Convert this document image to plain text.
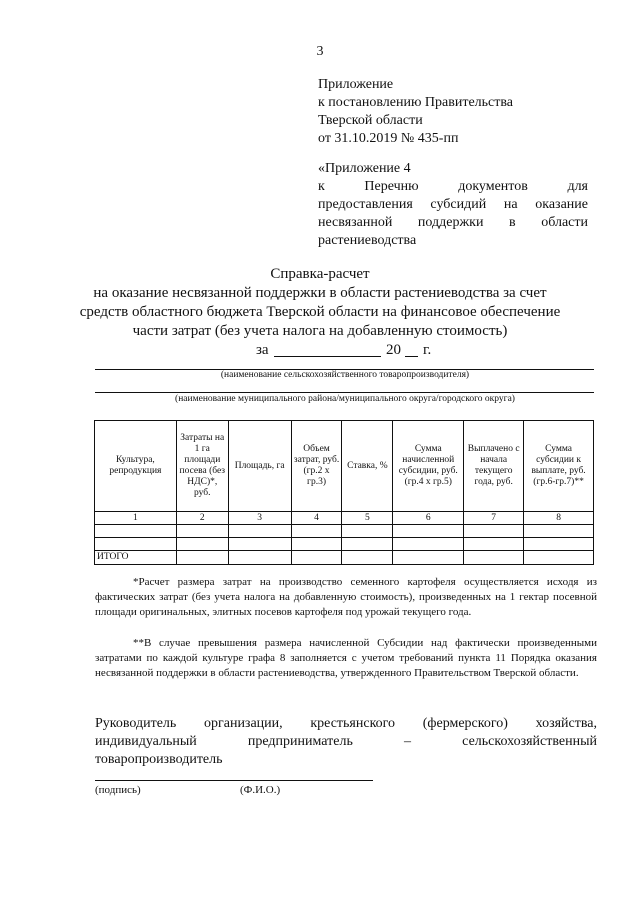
3
Приложение
к постановлению Правительства
Тверской области
от 31.10.2019 № 435-пп
«Приложение 4
к Перечню документов для
предоставления субсидий на оказание
несвязанной поддержки в области
растениеводства
Справка-расчет
на оказание несвязанной поддержки в области растениеводства за счет
средств областного бюджета Тверской области на финансовое обеспечение
части затрат (без учета налога на добавленную стоимость)
за	20 г.
(наименование сельскохозяйственного товаропроизводителя)
(наименование муниципального района/муниципального округа/городского округа)
Культура, репродукция	Затраты на 1 га площади посева (без НДС)*, руб.	Площадь, га	Объем затрат, руб. (гр.2 x гр.3)	Ставка, %	Сумма начисленной субсидии, руб. (гр.4 x гр.5)	Выплачено с начала текущего года, руб.	Сумма субсидии к выплате, руб. (гр.6-гр.7)**
1	2	3	4	5	6	7	8

ИТОГО							
*Расчет размера затрат на производство семенного картофеля осуществляется исходя из фактических затрат (без учета налога на добавленную стоимость), произведенных на 1 гектар посевной площади оригинальных, элитных посевов картофеля под урожай текущего года.
**В случае превышения размера начисленной Субсидии над фактически произведенными затратами по каждой культуре графа 8 заполняется с учетом требований пункта 11 Порядка оказания несвязанной поддержки в области растениеводства, утвержденного Правительством Тверской области.
Руководитель организации, крестьянского (фермерского) хозяйства,
индивидуальный предприниматель – сельскохозяйственный
товаропроизводитель
(подпись)	(Ф.И.О.)
